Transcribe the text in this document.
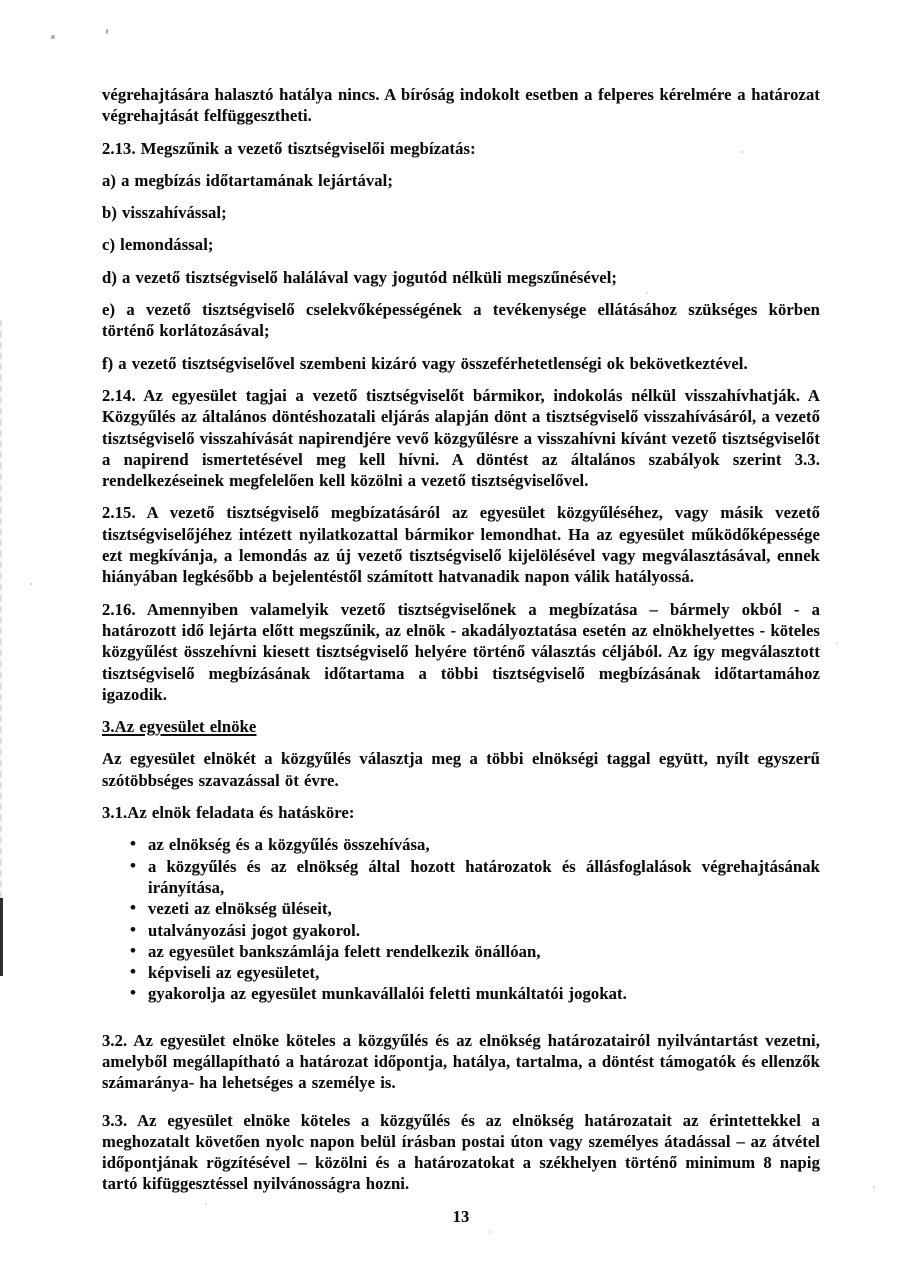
végrehajtására halasztó hatálya nincs. A bíróság indokolt esetben a felperes kérelmére a határozat végrehajtását felfüggesztheti.

2.13. Megszűnik a vezető tisztségviselői megbízatás:

a) a megbízás időtartamának lejártával;

b) visszahívással;

c) lemondással;

d) a vezető tisztségviselő halálával vagy jogutód nélküli megszűnésével;

e) a vezető tisztségviselő cselekvőképességének a tevékenysége ellátásához szükséges körben történő korlátozásával;

f) a vezető tisztségviselővel szembeni kizáró vagy összeférhetetlenségi ok bekövetkeztével.

2.14. Az egyesület tagjai a vezető tisztségviselőt bármikor, indokolás nélkül visszahívhatják. A Közgyűlés az általános döntéshozatali eljárás alapján dönt a tisztségviselő visszahívásáról, a vezető tisztségviselő visszahívását napirendjére vevő közgyűlésre a visszahívni kívánt vezető tisztségviselőt a napirend ismertetésével meg kell hívni. A döntést az általános szabályok szerint 3.3. rendelkezéseinek megfelelően kell közölni a vezető tisztségviselővel.

2.15. A vezető tisztségviselő megbízatásáról az egyesület közgyűléséhez, vagy másik vezető tisztségviselőjéhez intézett nyilatkozattal bármikor lemondhat. Ha az egyesület működőképessége ezt megkívánja, a lemondás az új vezető tisztségviselő kijelölésével vagy megválasztásával, ennek hiányában legkésőbb a bejelentéstől számított hatvanadik napon válik hatályossá.

2.16. Amennyiben valamelyik vezető tisztségviselőnek a megbízatása – bármely okból - a határozott idő lejárta előtt megszűnik, az elnök - akadályoztatása esetén az elnökhelyettes - köteles közgyűlést összehívni kiesett tisztségviselő helyére történő választás céljából. Az így megválasztott tisztségviselő megbízásának időtartama a többi tisztségviselő megbízásának időtartamához igazodik.

3.Az egyesület elnöke

Az egyesület elnökét a közgyűlés választja meg a többi elnökségi taggal együtt, nyílt egyszerű szótöbbséges szavazással öt évre.

3.1.Az elnök feladata és hatásköre:

• az elnökség és a közgyűlés összehívása,
• a közgyűlés és az elnökség által hozott határozatok és állásfoglalások végrehajtásának irányítása,
• vezeti az elnökség üléseit,
• utalványozási jogot gyakorol.
• az egyesület bankszámlája felett rendelkezik önállóan,
• képviseli az egyesületet,
• gyakorolja az egyesület munkavállalói feletti munkáltatói jogokat.

3.2. Az egyesület elnöke köteles a közgyűlés és az elnökség határozatairól nyilvántartást vezetni, amelyből megállapítható a határozat időpontja, hatálya, tartalma, a döntést támogatók és ellenzők számaránya- ha lehetséges a személye is.

3.3. Az egyesület elnöke köteles a közgyűlés és az elnökség határozatait az érintettekkel a meghozatalt követően nyolc napon belül írásban postai úton vagy személyes átadással – az átvétel időpontjának rögzítésével – közölni és a határozatokat a székhelyen történő minimum 8 napig tartó kifüggesztéssel nyilvánosságra hozni.

13
